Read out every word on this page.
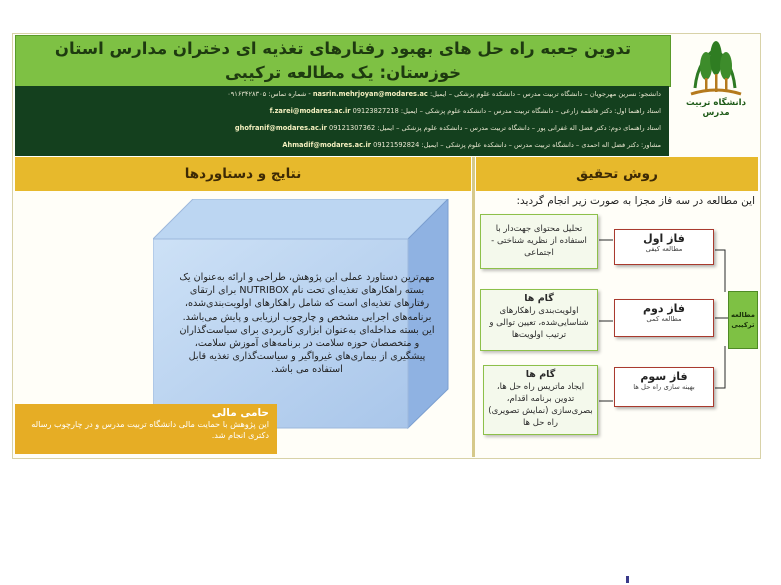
تدوین جعبه راه حل های بهبود رفتارهای تغذیه ای دختران مدارس استان خوزستان: یک مطالعه ترکیبی
دانشگاه تربیت مدرس
دانشجو: نسرین مهرجویان – دانشگاه تربیت مدرس – دانشکده علوم پزشکی – ایمیل: nasrin.mehrjoyan@modares.ac - شماره تماس: ۰۹۱۶۳۴۲۸۳۰۵
استاد راهنما اول: دکتر فاطمه زارعی – دانشگاه تربیت مدرس – دانشکده علوم پزشکی – ایمیل: f.zarei@modares.ac.ir 09123827218
استاد راهنمای دوم: دکتر فضل اله غفرانی پور – دانشگاه تربیت مدرس – دانشکده علوم پزشکی – ایمیل: ghofranif@modares.ac.ir 09121307362
مشاور: دکتر فضل اله احمدی – دانشگاه تربیت مدرس – دانشکده علوم پزشکی – ایمیل: Ahmadif@modares.ac.ir 09121592824
نتایج و دستاوردها	روش تحقیق
این مطالعه در سه فاز مجزا به صورت زیر انجام گردید:
تحلیل محتوای جهت‌دار با استفاده از نظریه شناختی - اجتماعی
گام ها
اولویت‌بندی راهکارهای شناسایی‌شده، تعیین توالی و ترتیب اولویت‌ها
گام ها
ایجاد ماتریس راه حل ها، تدوین برنامه اقدام، بصری‌سازی (نمایش تصویری) راه حل ها
فاز اول
مطالعه کیفی
فاز دوم
مطالعه کمی
فاز سوم
بهینه سازی راه حل ها
مطالعه ترکیبی
مهم‌ترین دستاورد عملی این پژوهش، طراحی و ارائه به‌عنوان یک بسته راهکارهای تغذیه‌ای تحت نام NUTRIBOX برای ارتقای رفتارهای تغذیه‌ای است که شامل راهکارهای اولویت‌بندی‌شده، برنامه‌های اجرایی مشخص و چارچوب ارزیابی و پایش می‌باشد. این بسته مداخله‌ای به‌عنوان ابزاری کاربردی برای سیاست‌گذاران و متخصصان حوزه سلامت در برنامه‌های آموزش سلامت، پیشگیری از بیماری‌های غیرواگیر و سیاست‌گذاری تغذیه قابل استفاده می باشد.
حامی مالی
این پژوهش با حمایت مالی دانشگاه تربیت مدرس و در چارچوب رساله دکتری انجام شد.
